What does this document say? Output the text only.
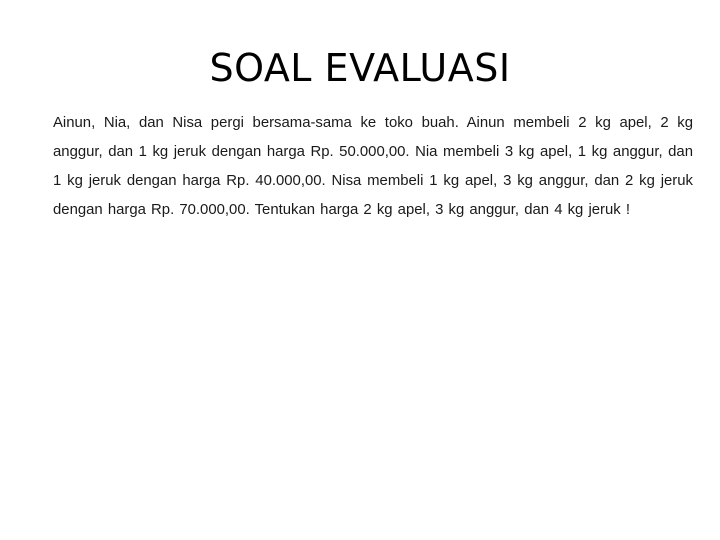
SOAL EVALUASI

Ainun, Nia, dan Nisa pergi bersama-sama ke toko buah. Ainun membeli 2 kg apel, 2 kg anggur, dan 1 kg jeruk dengan harga Rp. 50.000,00. Nia membeli 3 kg apel, 1 kg anggur, dan 1 kg jeruk dengan harga Rp. 40.000,00. Nisa membeli 1 kg apel, 3 kg anggur, dan 2 kg jeruk dengan harga Rp. 70.000,00. Tentukan harga 2 kg apel, 3 kg anggur, dan 4 kg jeruk !
